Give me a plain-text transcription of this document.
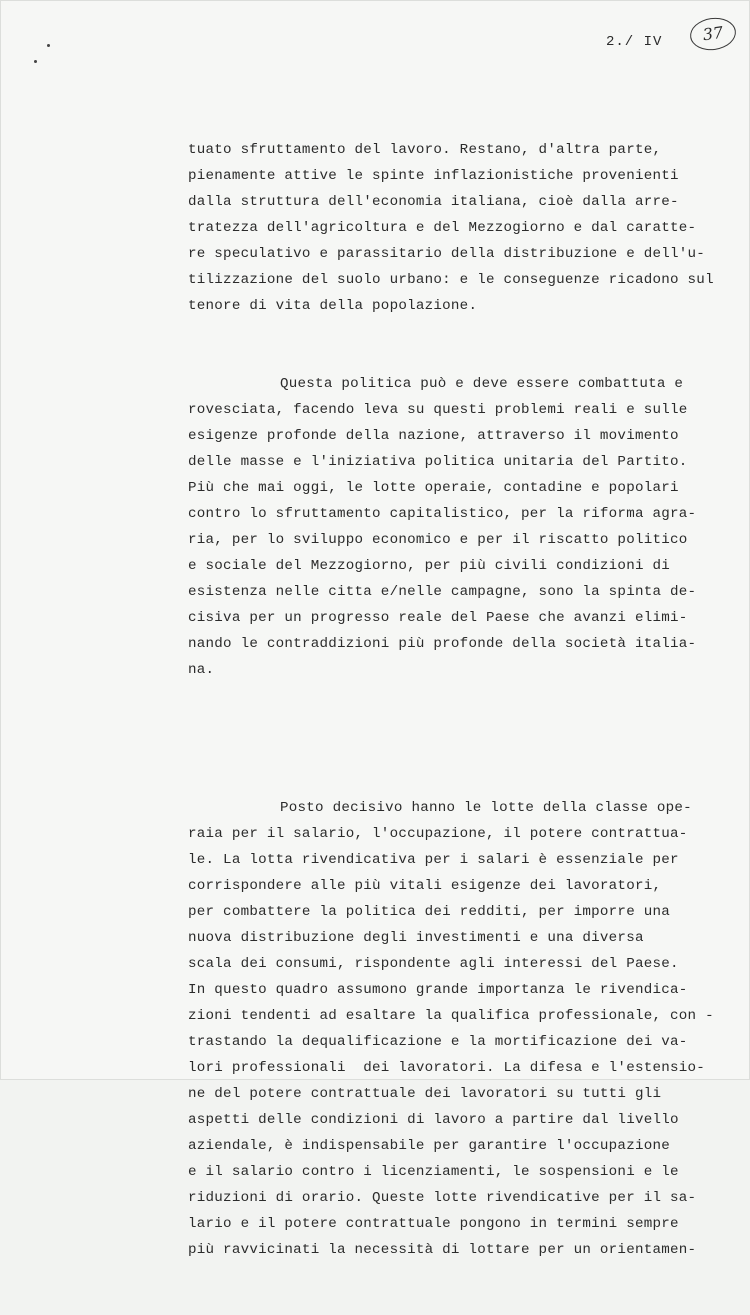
2./ IV	37

tuato sfruttamento del lavoro. Restano, d'altra parte,
pienamente attive le spinte inflazionistiche provenienti
dalla struttura dell'economia italiana, cioè dalla arre-
tratezza dell'agricoltura e del Mezzogiorno e dal caratte-
re speculativo e parassitario della distribuzione e dell'u-
tilizzazione del suolo urbano: e le conseguenze ricadono sul
tenore di vita della popolazione.

Questa politica può e deve essere combattuta e
rovesciata, facendo leva su questi problemi reali e sulle
esigenze profonde della nazione, attraverso il movimento
delle masse e l'iniziativa politica unitaria del Partito.
Più che mai oggi, le lotte operaie, contadine e popolari
contro lo sfruttamento capitalistico, per la riforma agra-
ria, per lo sviluppo economico e per il riscatto politico
e sociale del Mezzogiorno, per più civili condizioni di
esistenza nelle citta e/nelle campagne, sono la spinta de-
cisiva per un progresso reale del Paese che avanzi elimi-
nando le contraddizioni più profonde della società italia-
na.

Posto decisivo hanno le lotte della classe ope-
raia per il salario, l'occupazione, il potere contrattua-
le. La lotta rivendicativa per i salari è essenziale per
corrispondere alle più vitali esigenze dei lavoratori,
per combattere la politica dei redditi, per imporre una
nuova distribuzione degli investimenti e una diversa
scala dei consumi, rispondente agli interessi del Paese.
In questo quadro assumono grande importanza le rivendica-
zioni tendenti ad esaltare la qualifica professionale, con -
trastando la dequalificazione e la mortificazione dei va-
lori professionali  dei lavoratori. La difesa e l'estensio-
ne del potere contrattuale dei lavoratori su tutti gli
aspetti delle condizioni di lavoro a partire dal livello
aziendale, è indispensabile per garantire l'occupazione
e il salario contro i licenziamenti, le sospensioni e le
riduzioni di orario. Queste lotte rivendicative per il sa-
lario e il potere contrattuale pongono in termini sempre
più ravvicinati la necessità di lottare per un orientamen-
